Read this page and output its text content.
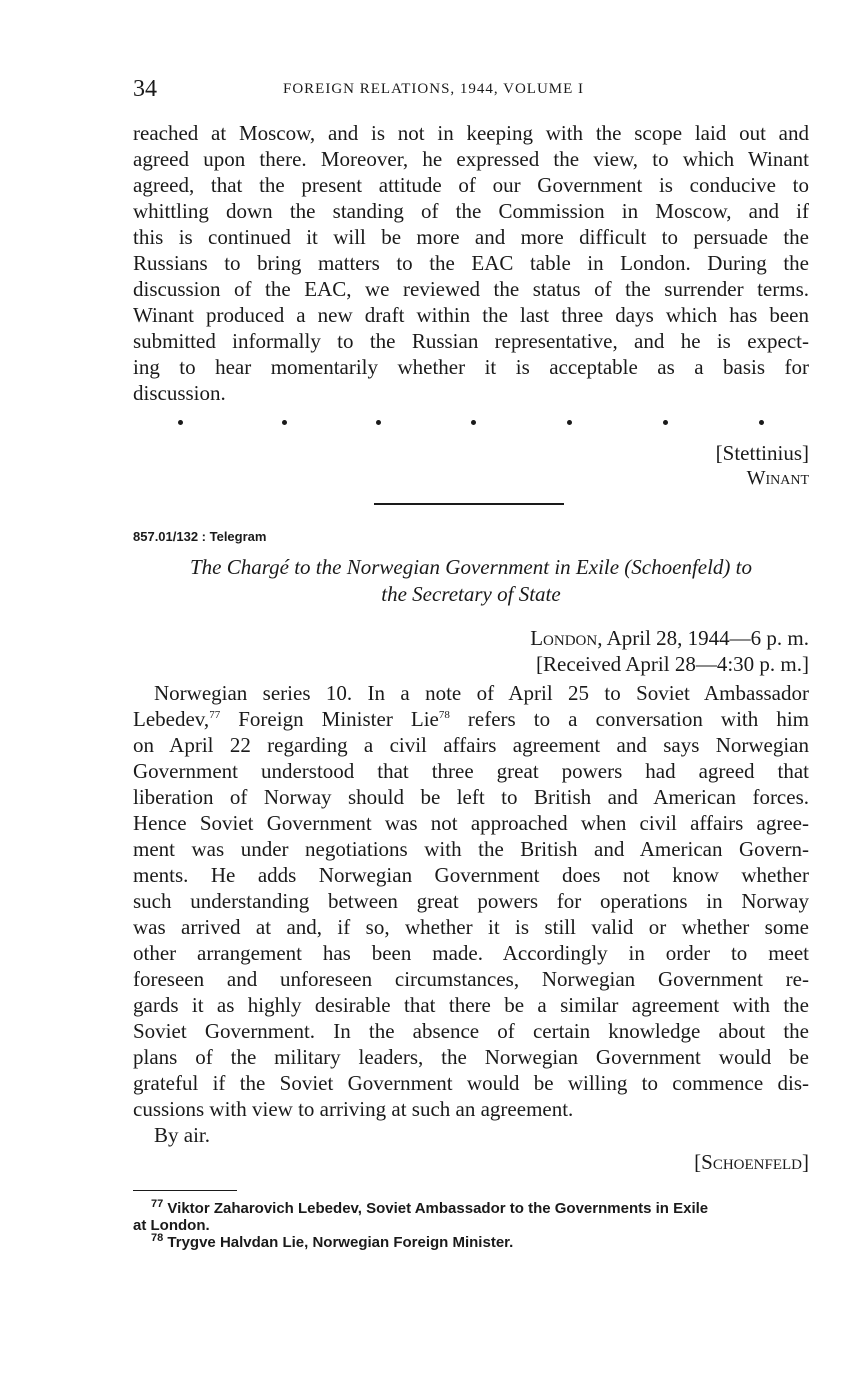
34	FOREIGN RELATIONS, 1944, VOLUME I
reached at Moscow, and is not in keeping with the scope laid out and
agreed upon there. Moreover, he expressed the view, to which Winant
agreed, that the present attitude of our Government is conducive to
whittling down the standing of the Commission in Moscow, and if
this is continued it will be more and more difficult to persuade the
Russians to bring matters to the EAC table in London. During the
discussion of the EAC, we reviewed the status of the surrender terms.
Winant produced a new draft within the last three days which has been
submitted informally to the Russian representative, and he is expect-
ing to hear momentarily whether it is acceptable as a basis for
discussion.
[Stettinius]
Winant
857.01/132 : Telegram
The Chargé to the Norwegian Government in Exile (Schoenfeld) to
the Secretary of State
London, April 28, 1944—6 p. m.
[Received April 28—4:30 p. m.]
Norwegian series 10. In a note of April 25 to Soviet Ambassador
Lebedev,$^{77}$ Foreign Minister Lie$^{78}$ refers to a conversation with him
on April 22 regarding a civil affairs agreement and says Norwegian
Government understood that three great powers had agreed that
liberation of Norway should be left to British and American forces.
Hence Soviet Government was not approached when civil affairs agree-
ment was under negotiations with the British and American Govern-
ments. He adds Norwegian Government does not know whether
such understanding between great powers for operations in Norway
was arrived at and, if so, whether it is still valid or whether some
other arrangement has been made. Accordingly in order to meet
foreseen and unforeseen circumstances, Norwegian Government re-
gards it as highly desirable that there be a similar agreement with the
Soviet Government. In the absence of certain knowledge about the
plans of the military leaders, the Norwegian Government would be
grateful if the Soviet Government would be willing to commence dis-
cussions with view to arriving at such an agreement.
By air.
[Schoenfeld]
$^{77}$ Viktor Zaharovich Lebedev, Soviet Ambassador to the Governments in Exile
at London.
$^{78}$ Trygve Halvdan Lie, Norwegian Foreign Minister.
